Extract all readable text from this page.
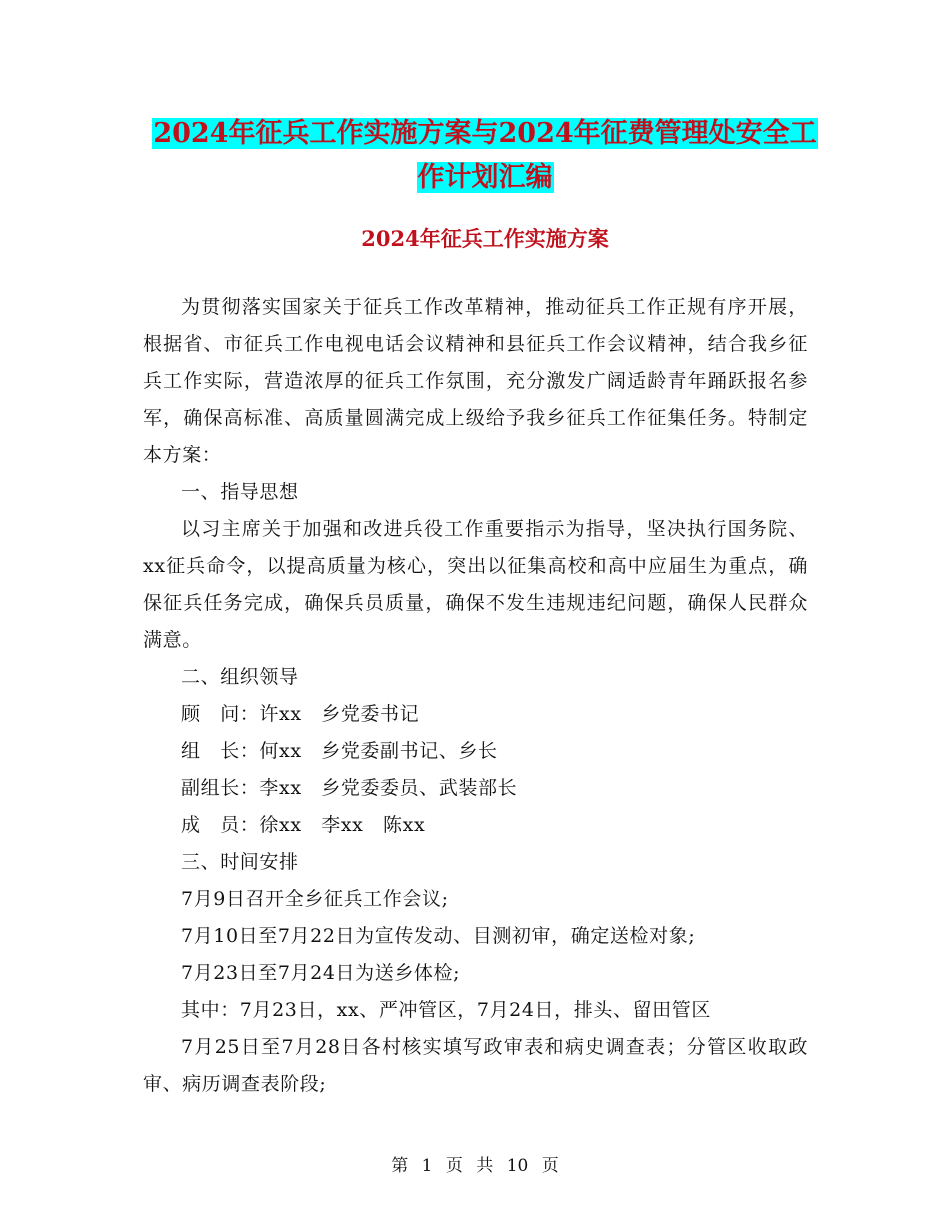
2024年征兵工作实施方案与2024年征费管理处安全工
作计划汇编
2024年征兵工作实施方案

为贯彻落实国家关于征兵工作改革精神，推动征兵工作正规有序开展，根据省、市征兵工作电视电话会议精神和县征兵工作会议精神，结合我乡征兵工作实际，营造浓厚的征兵工作氛围，充分激发广阔适龄青年踊跃报名参军，确保高标准、高质量圆满完成上级给予我乡征兵工作征集任务。特制定本方案：

一、指导思想

以习主席关于加强和改进兵役工作重要指示为指导，坚决执行国务院、xx征兵命令，以提高质量为核心，突出以征集高校和高中应届生为重点，确保征兵任务完成，确保兵员质量，确保不发生违规违纪问题，确保人民群众满意。

二、组织领导

顾　问：许xx　乡党委书记

组　长：何xx　乡党委副书记、乡长

副组长：李xx　乡党委委员、武装部长

成　员：徐xx　李xx　陈xx

三、时间安排

7月9日召开全乡征兵工作会议;

7月10日至7月22日为宣传发动、目测初审，确定送检对象;

7月23日至7月24日为送乡体检;

其中：7月23日，xx、严冲管区，7月24日，排头、留田管区

7月25日至7月28日各村核实填写政审表和病史调查表；分管区收取政审、病历调查表阶段;

第 1 页 共 10 页
